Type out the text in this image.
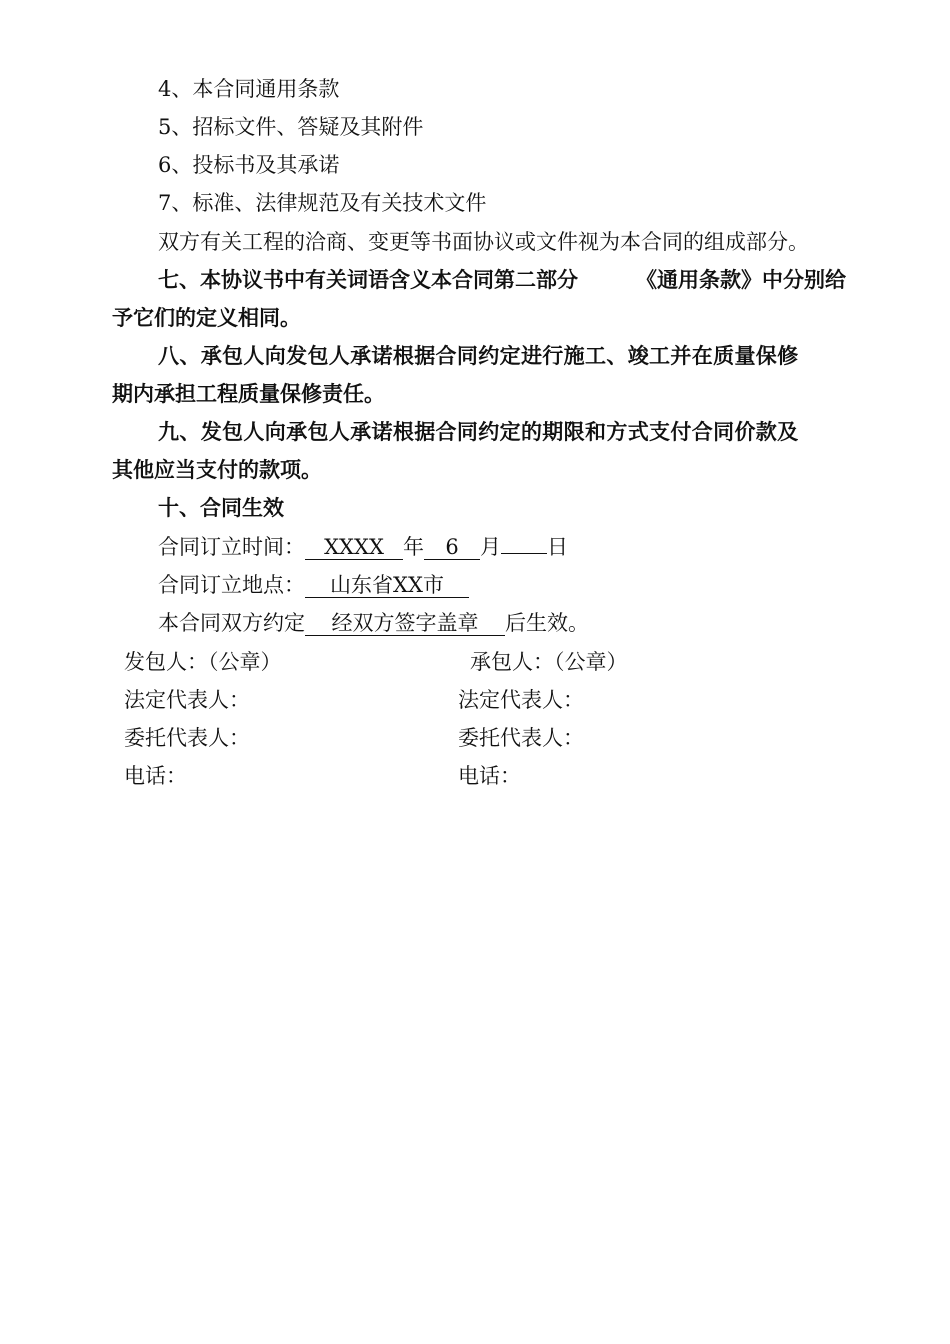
4、本合同通用条款
5、招标文件、答疑及其附件
6、投标书及其承诺
7、标准、法律规范及有关技术文件
双方有关工程的洽商、变更等书面协议或文件视为本合同的组成部分。
七、本协议书中有关词语含义本合同第二部分	《通用条款》中分别给
予它们的定义相同。
八、承包人向发包人承诺根据合同约定进行施工、竣工并在质量保修
期内承担工程质量保修责任。
九、发包人向承包人承诺根据合同约定的期限和方式支付合同价款及
其他应当支付的款项。
十、合同生效
合同订立时间： XXXX 年 6 月 日
合同订立地点： 山东省XX市
本合同双方约定 经双方签字盖章 后生效。
发包人：（公章）	承包人：（公章）
法定代表人：	法定代表人：
委托代表人：	委托代表人：
电话：	电话：
